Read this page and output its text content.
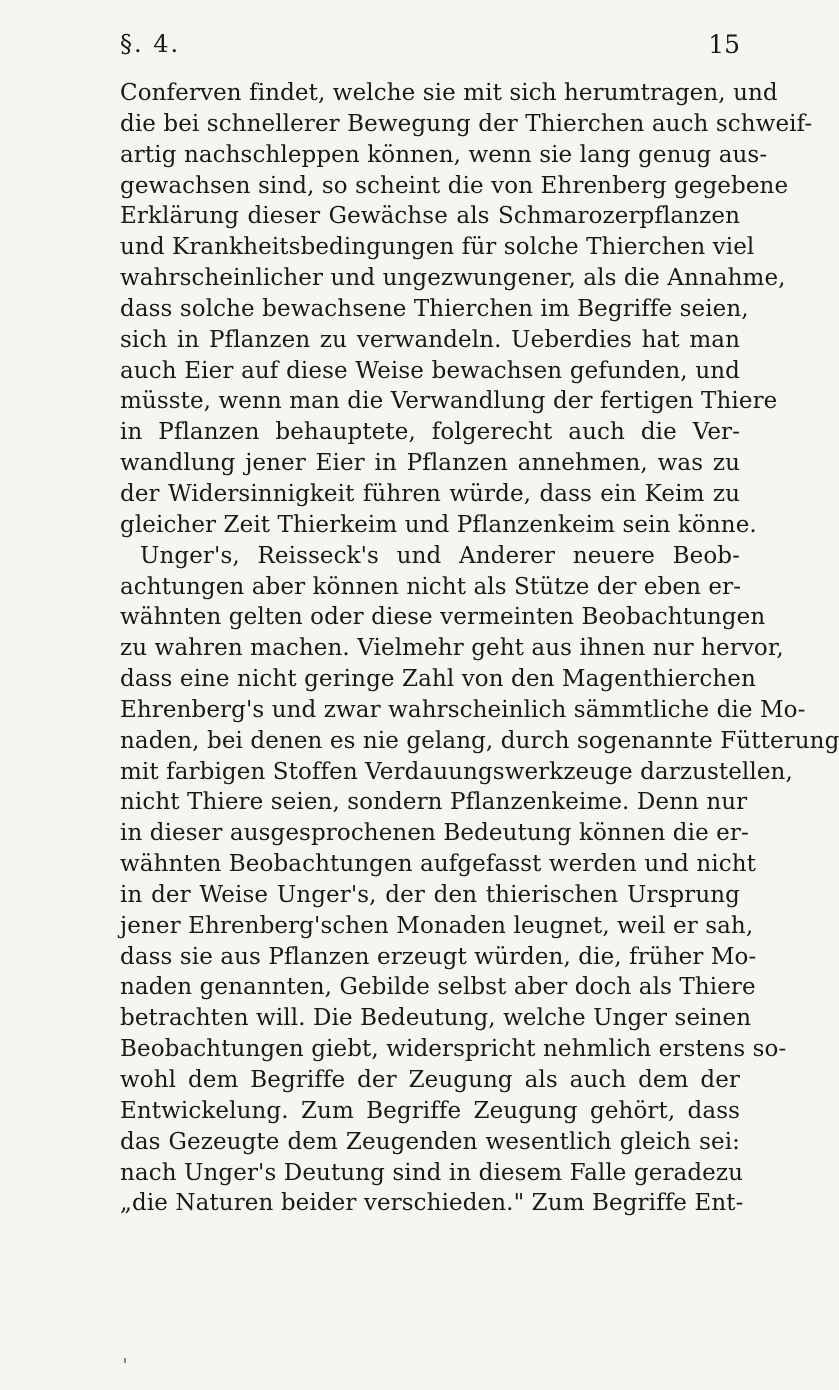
§. 4.	15
Conferven findet, welche sie mit sich herumtragen, und
die bei schnellerer Bewegung der Thierchen auch schweif-
artig nachschleppen können, wenn sie lang genug aus-
gewachsen sind, so scheint die von Ehrenberg gegebene
Erklärung dieser Gewächse als Schmarozerpflanzen
und Krankheitsbedingungen für solche Thierchen viel
wahrscheinlicher und ungezwungener, als die Annahme,
dass solche bewachsene Thierchen im Begriffe seien,
sich in Pflanzen zu verwandeln. Ueberdies hat man
auch Eier auf diese Weise bewachsen gefunden, und
müsste, wenn man die Verwandlung der fertigen Thiere
in Pflanzen behauptete, folgerecht auch die Ver-
wandlung jener Eier in Pflanzen annehmen, was zu
der Widersinnigkeit führen würde, dass ein Keim zu
gleicher Zeit Thierkeim und Pflanzenkeim sein könne.
Unger's, Reisseck's und Anderer neuere Beob-
achtungen aber können nicht als Stütze der eben er-
wähnten gelten oder diese vermeinten Beobachtungen
zu wahren machen. Vielmehr geht aus ihnen nur hervor,
dass eine nicht geringe Zahl von den Magenthierchen
Ehrenberg's und zwar wahrscheinlich sämmtliche die Mo-
naden, bei denen es nie gelang, durch sogenannte Fütterung
mit farbigen Stoffen Verdauungswerkzeuge darzustellen,
nicht Thiere seien, sondern Pflanzenkeime. Denn nur
in dieser ausgesprochenen Bedeutung können die er-
wähnten Beobachtungen aufgefasst werden und nicht
in der Weise Unger's, der den thierischen Ursprung
jener Ehrenberg'schen Monaden leugnet, weil er sah,
dass sie aus Pflanzen erzeugt würden, die, früher Mo-
naden genannten, Gebilde selbst aber doch als Thiere
betrachten will. Die Bedeutung, welche Unger seinen
Beobachtungen giebt, widerspricht nehmlich erstens so-
wohl dem Begriffe der Zeugung als auch dem der
Entwickelung. Zum Begriffe Zeugung gehört, dass
das Gezeugte dem Zeugenden wesentlich gleich sei:
nach Unger's Deutung sind in diesem Falle geradezu
„die Naturen beider verschieden." Zum Begriffe Ent-
